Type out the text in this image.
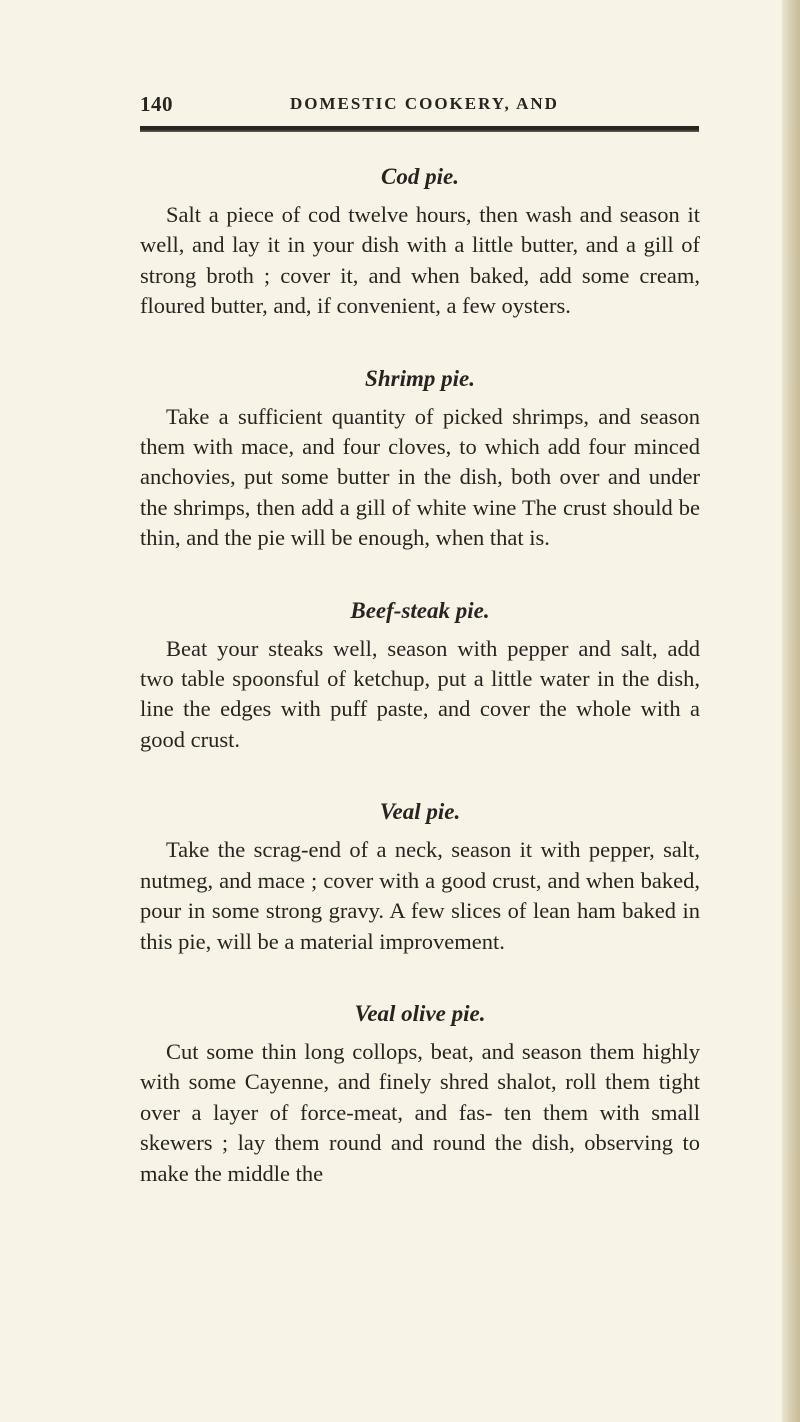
140	DOMESTIC COOKERY, AND
Cod pie.

Salt a piece of cod twelve hours, then wash and season it well, and lay it in your dish with a little butter, and a gill of strong broth ; cover it, and when baked, add some cream, floured butter, and, if convenient, a few oysters.

Shrimp pie.

Take a sufficient quantity of picked shrimps, and season them with mace, and four cloves, to which add four minced anchovies, put some butter in the dish, both over and under the shrimps, then add a gill of white wine The crust should be thin, and the pie will be enough, when that is.

Beef-steak pie.

Beat your steaks well, season with pepper and salt, add two table spoonsful of ketchup, put a little water in the dish, line the edges with puff paste, and cover the whole with a good crust.

Veal pie.

Take the scrag-end of a neck, season it with pepper, salt, nutmeg, and mace ; cover with a good crust, and when baked, pour in some strong gravy. A few slices of lean ham baked in this pie, will be a material improvement.

Veal olive pie.

Cut some thin long collops, beat, and season them highly with some Cayenne, and finely shred shalot, roll them tight over a layer of force-meat, and fas- ten them with small skewers ; lay them round and round the dish, observing to make the middle the
